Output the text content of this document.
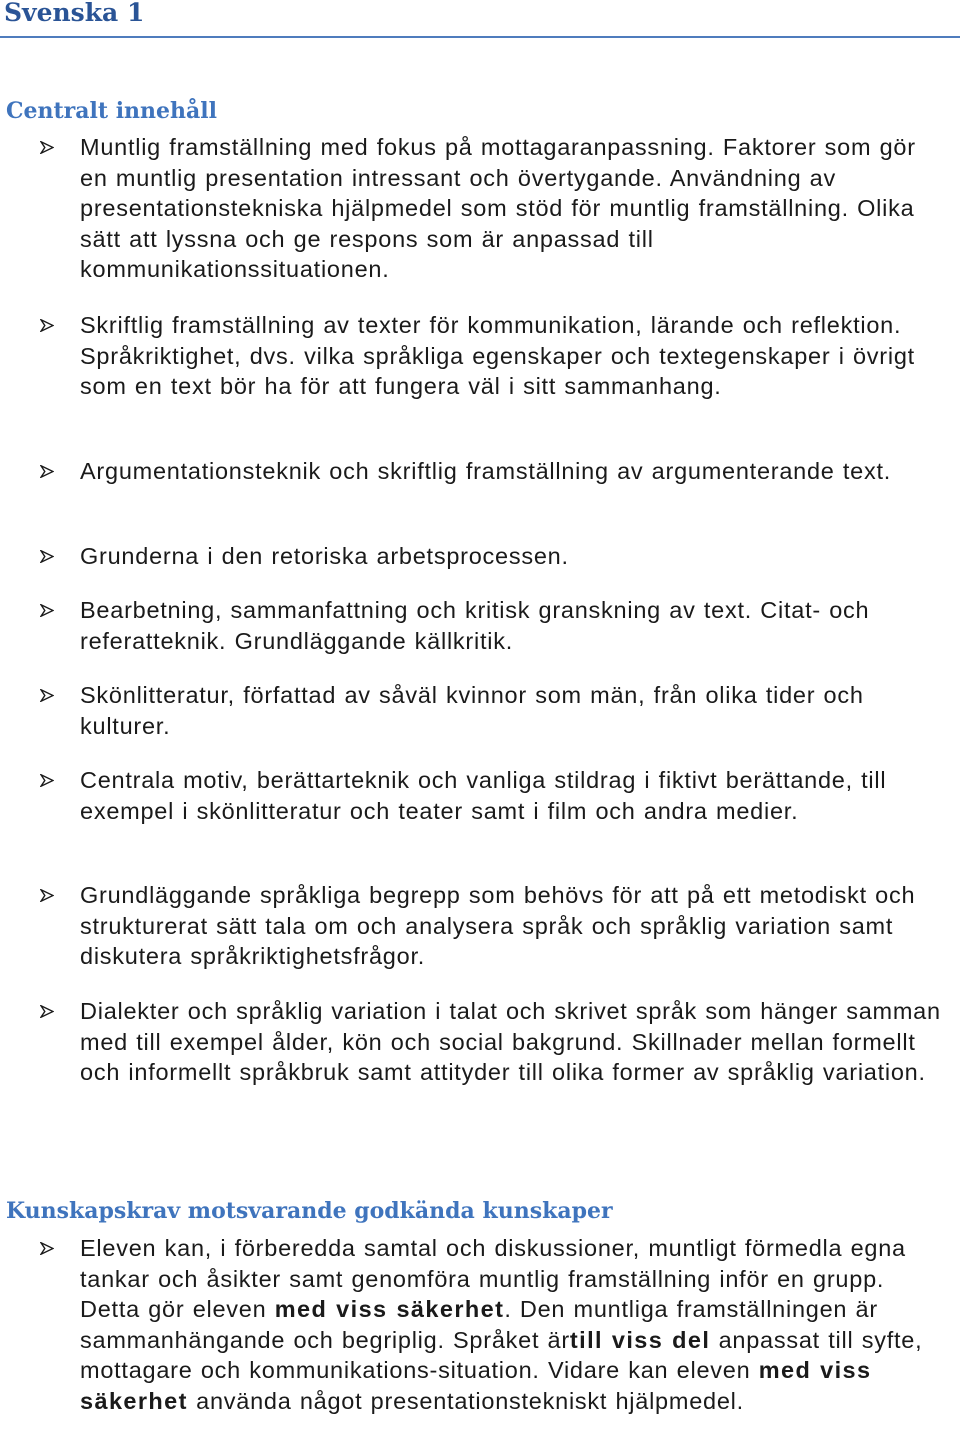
Svenska 1
Centralt innehåll
Muntlig framställning med fokus på mottagaranpassning. Faktorer som gör en muntlig presentation intressant och övertygande. Användning av presentationstekniska hjälpmedel som stöd för muntlig framställning. Olika sätt att lyssna och ge respons som är anpassad till kommunikationssituationen.
Skriftlig framställning av texter för kommunikation, lärande och reflektion. Språkriktighet, dvs. vilka språkliga egenskaper och textegenskaper i övrigt som en text bör ha för att fungera väl i sitt sammanhang.
Argumentationsteknik och skriftlig framställning av argumenterande text.
Grunderna i den retoriska arbetsprocessen.
Bearbetning, sammanfattning och kritisk granskning av text. Citat- och referatteknik. Grundläggande källkritik.
Skönlitteratur, författad av såväl kvinnor som män, från olika tider och kulturer.
Centrala motiv, berättarteknik och vanliga stildrag i fiktivt berättande, till exempel i skönlitteratur och teater samt i film och andra medier.
Grundläggande språkliga begrepp som behövs för att på ett metodiskt och strukturerat sätt tala om och analysera språk och språklig variation samt diskutera språkriktighetsfrågor.
Dialekter och språklig variation i talat och skrivet språk som hänger samman med till exempel ålder, kön och social bakgrund. Skillnader mellan formellt och informellt språkbruk samt attityder till olika former av språklig variation.
Kunskapskrav motsvarande godkända kunskaper
Eleven kan, i förberedda samtal och diskussioner, muntligt förmedla egna tankar och åsikter samt genomföra muntlig framställning inför en grupp. Detta gör eleven med viss säkerhet. Den muntliga framställningen är sammanhängande och begriplig. Språket ärtill viss del anpassat till syfte, mottagare och kommunikations-situation. Vidare kan eleven med viss säkerhet använda något presentationstekniskt hjälpmedel.
